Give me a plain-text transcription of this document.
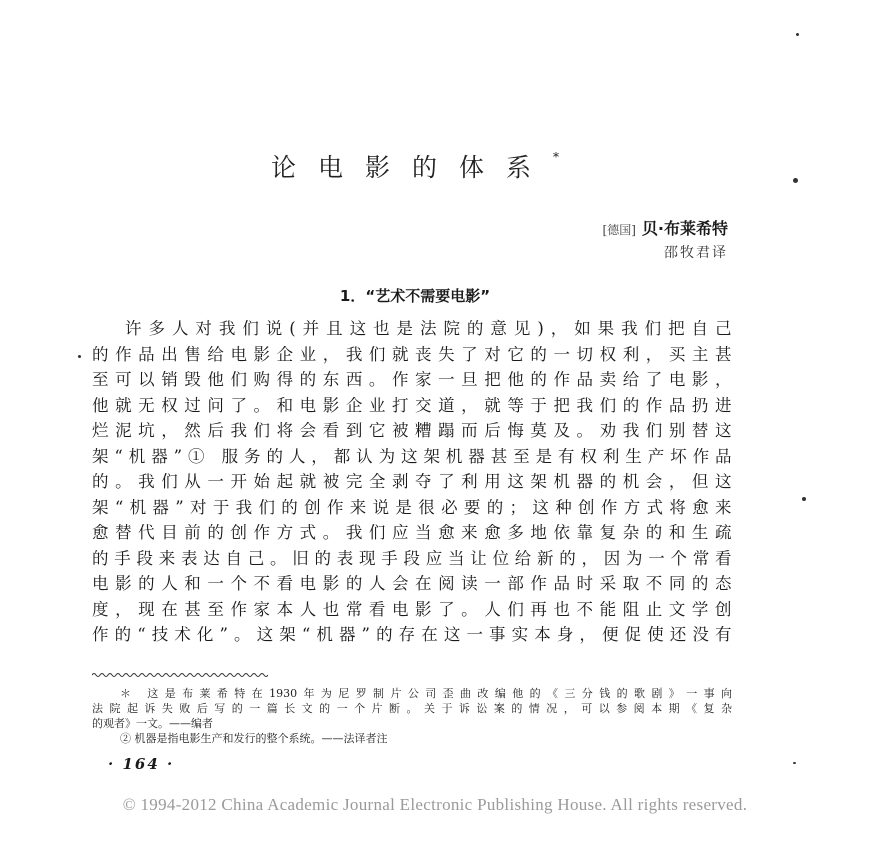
论电影的体系*
[德国] 贝·布莱希特
邵牧君译
1．“艺术不需要电影”
许多人对我们说(并且这也是法院的意见)，如果我们把自己
的作品出售给电影企业，我们就丧失了对它的一切权利，买主甚
至可以销毁他们购得的东西。作家一旦把他的作品卖给了电影，
他就无权过问了。和电影企业打交道，就等于把我们的作品扔进
烂泥坑，然后我们将会看到它被糟蹋而后悔莫及。劝我们别替这
架“机器”① 服务的人，都认为这架机器甚至是有权利生产坏作品
的。我们从一开始起就被完全剥夺了利用这架机器的机会，但这
架“机器”对于我们的创作来说是很必要的；这种创作方式将愈来
愈替代目前的创作方式。我们应当愈来愈多地依靠复杂的和生疏
的手段来表达自己。旧的表现手段应当让位给新的，因为一个常看
电影的人和一个不看电影的人会在阅读一部作品时采取不同的态
度，现在甚至作家本人也常看电影了。人们再也不能阻止文学创
作的“技术化”。这架“机器”的存在这一事实本身，便促使还没有
＊ 这是布莱希特在1930年为尼罗制片公司歪曲改编他的《三分钱的歌剧》一事向
法院起诉失败后写的一篇长文的一个片断。关于诉讼案的情况，可以参阅本期《复杂
的观者》一文。——编者
② 机器是指电影生产和发行的整个系统。——法译者注
· 164 ·
© 1994-2012 China Academic Journal Electronic Publishing House. All rights reserved.
